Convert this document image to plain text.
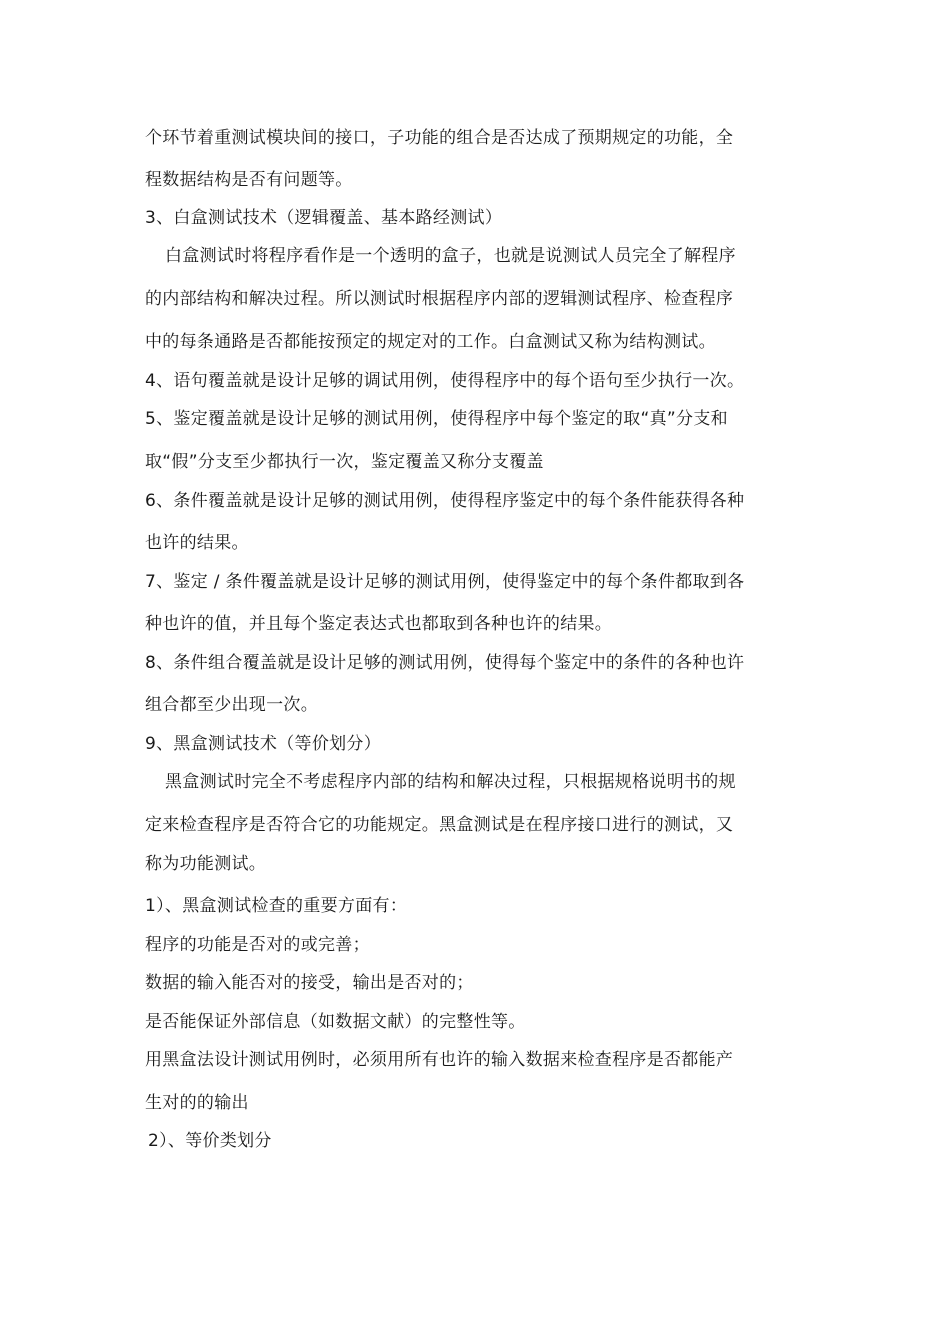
个环节着重测试模块间的接口，子功能的组合是否达成了预期规定的功能，全
程数据结构是否有问题等。
3、白盒测试技术（逻辑覆盖、基本路经测试）
白盒测试时将程序看作是一个透明的盒子，也就是说测试人员完全了解程序
的内部结构和解决过程。所以测试时根据程序内部的逻辑测试程序、检查程序
中的每条通路是否都能按预定的规定对的工作。白盒测试又称为结构测试。
4、语句覆盖就是设计足够的调试用例，使得程序中的每个语句至少执行一次。
5、鉴定覆盖就是设计足够的测试用例，使得程序中每个鉴定的取“真”分支和
取“假”分支至少都执行一次，鉴定覆盖又称分支覆盖
6、条件覆盖就是设计足够的测试用例，使得程序鉴定中的每个条件能获得各种
也许的结果。
7、鉴定 / 条件覆盖就是设计足够的测试用例，使得鉴定中的每个条件都取到各
种也许的值，并且每个鉴定表达式也都取到各种也许的结果。
8、条件组合覆盖就是设计足够的测试用例，使得每个鉴定中的条件的各种也许
组合都至少出现一次。
9、黑盒测试技术（等价划分）
黑盒测试时完全不考虑程序内部的结构和解决过程，只根据规格说明书的规
定来检查程序是否符合它的功能规定。黑盒测试是在程序接口进行的测试，又
称为功能测试。
1）、黑盒测试检查的重要方面有：
程序的功能是否对的或完善；
数据的输入能否对的接受，输出是否对的；
是否能保证外部信息（如数据文献）的完整性等。
用黑盒法设计测试用例时，必须用所有也许的输入数据来检查程序是否都能产
生对的的输出
2）、等价类划分
